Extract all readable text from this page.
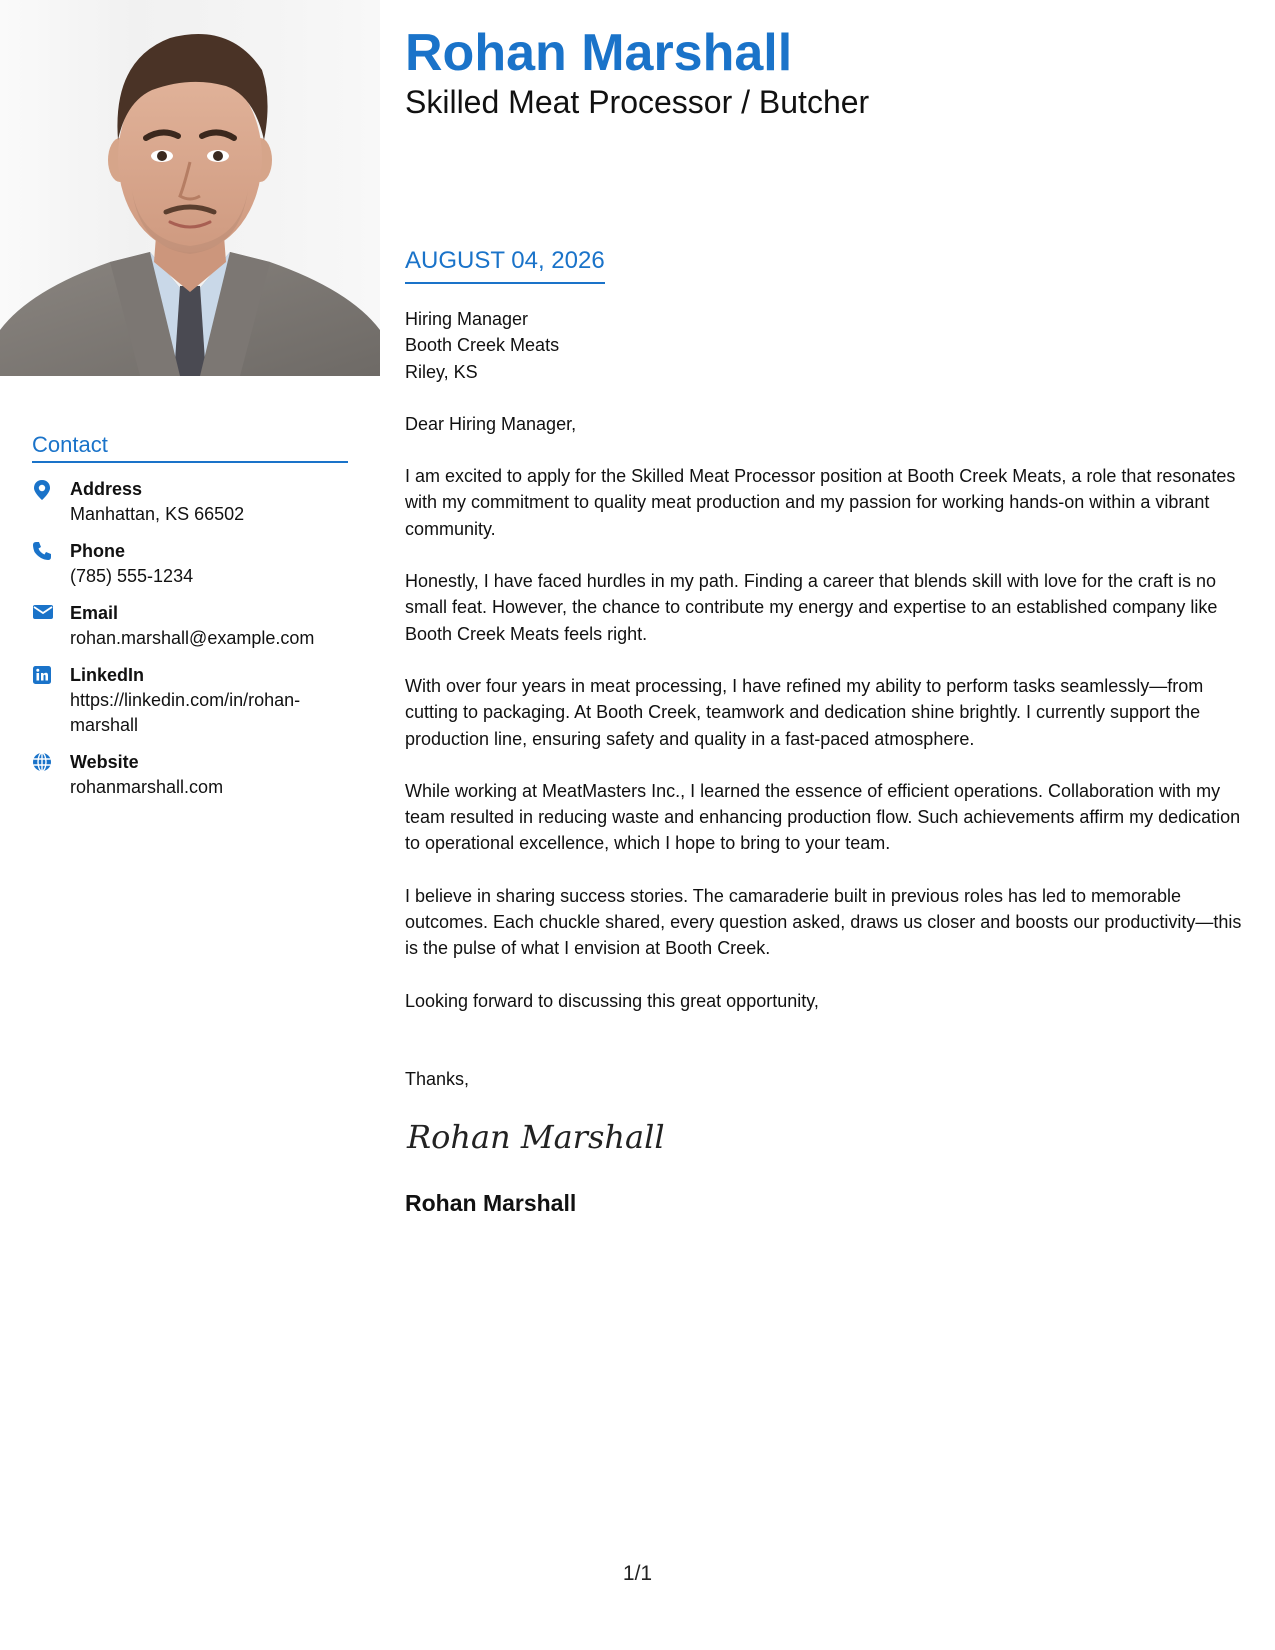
Contact
Address
Manhattan, KS 66502
Phone
(785) 555-1234
Email
rohan.marshall@example.com
LinkedIn
https://linkedin.com/in/rohan-marshall
Website
rohanmarshall.com
Rohan Marshall
Skilled Meat Processor / Butcher
AUGUST 04, 2026
Hiring Manager
Booth Creek Meats
Riley, KS

Dear Hiring Manager,

I am excited to apply for the Skilled Meat Processor position at Booth Creek Meats, a role that resonates with my commitment to quality meat production and my passion for working hands-on within a vibrant community.

Honestly, I have faced hurdles in my path. Finding a career that blends skill with love for the craft is no small feat. However, the chance to contribute my energy and expertise to an established company like Booth Creek Meats feels right.

With over four years in meat processing, I have refined my ability to perform tasks seamlessly—from cutting to packaging. At Booth Creek, teamwork and dedication shine brightly. I currently support the production line, ensuring safety and quality in a fast-paced atmosphere.

While working at MeatMasters Inc., I learned the essence of efficient operations. Collaboration with my team resulted in reducing waste and enhancing production flow. Such achievements affirm my dedication to operational excellence, which I hope to bring to your team.

I believe in sharing success stories. The camaraderie built in previous roles has led to memorable outcomes. Each chuckle shared, every question asked, draws us closer and boosts our productivity—this is the pulse of what I envision at Booth Creek.

Looking forward to discussing this great opportunity,

Thanks,
Rohan Marshall
Rohan Marshall
1/1
